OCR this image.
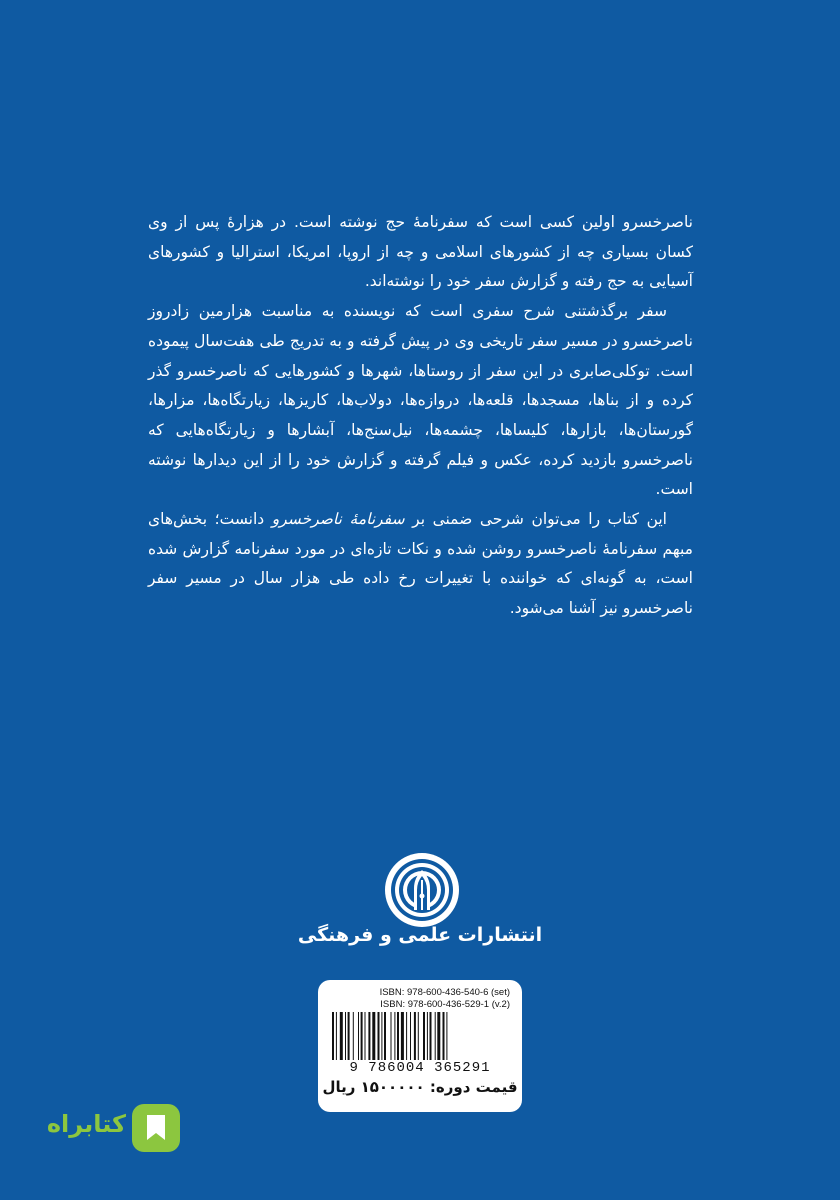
ناصرخسرو اولین کسی است که سفرنامهٔ حج نوشته است. در هزارهٔ پس از وی کسان بسیاری چه از کشورهای اسلامی و چه از اروپا، امریکا، استرالیا و کشورهای آسیایی به حج رفته و گزارش سفر خود را نوشته‌اند.

سفر برگذشتنی شرح سفری است که نویسنده به مناسبت هزارمین زادروز ناصرخسرو در مسیر سفر تاریخی وی در پیش گرفته و به تدریج طی هفت‌سال پیموده است. توکلی‌صابری در این سفر از روستاها، شهرها و کشورهایی که ناصرخسرو گذر کرده و از بناها، مسجدها، قلعه‌ها، دروازه‌ها، دولاب‌ها، کاریزها، زیارتگاه‌ها، مزارها، گورستان‌ها، بازارها، کلیساها، چشمه‌ها، نیل‌سنج‌ها، آبشارها و زیارتگاه‌هایی که ناصرخسرو بازدید کرده، عکس و فیلم گرفته و گزارش خود را از این دیدارها نوشته است.

این کتاب را می‌توان شرحی ضمنی بر سفرنامهٔ ناصرخسرو دانست؛ بخش‌های مبهم سفرنامهٔ ناصرخسرو روشن شده و نکات تازه‌ای در مورد سفرنامه گزارش شده است، به گونه‌ای که خواننده با تغییرات رخ داده طی هزار سال در مسیر سفر ناصرخسرو نیز آشنا می‌شود.

انتشارات علمی و فرهنگی
ISBN: 978-600-436-540-6 (set)
ISBN: 978-600-436-529-1 (v.2)
9 786004 365291
قیمت دوره: ۱۵۰۰۰۰۰ ریال
کتابراه
